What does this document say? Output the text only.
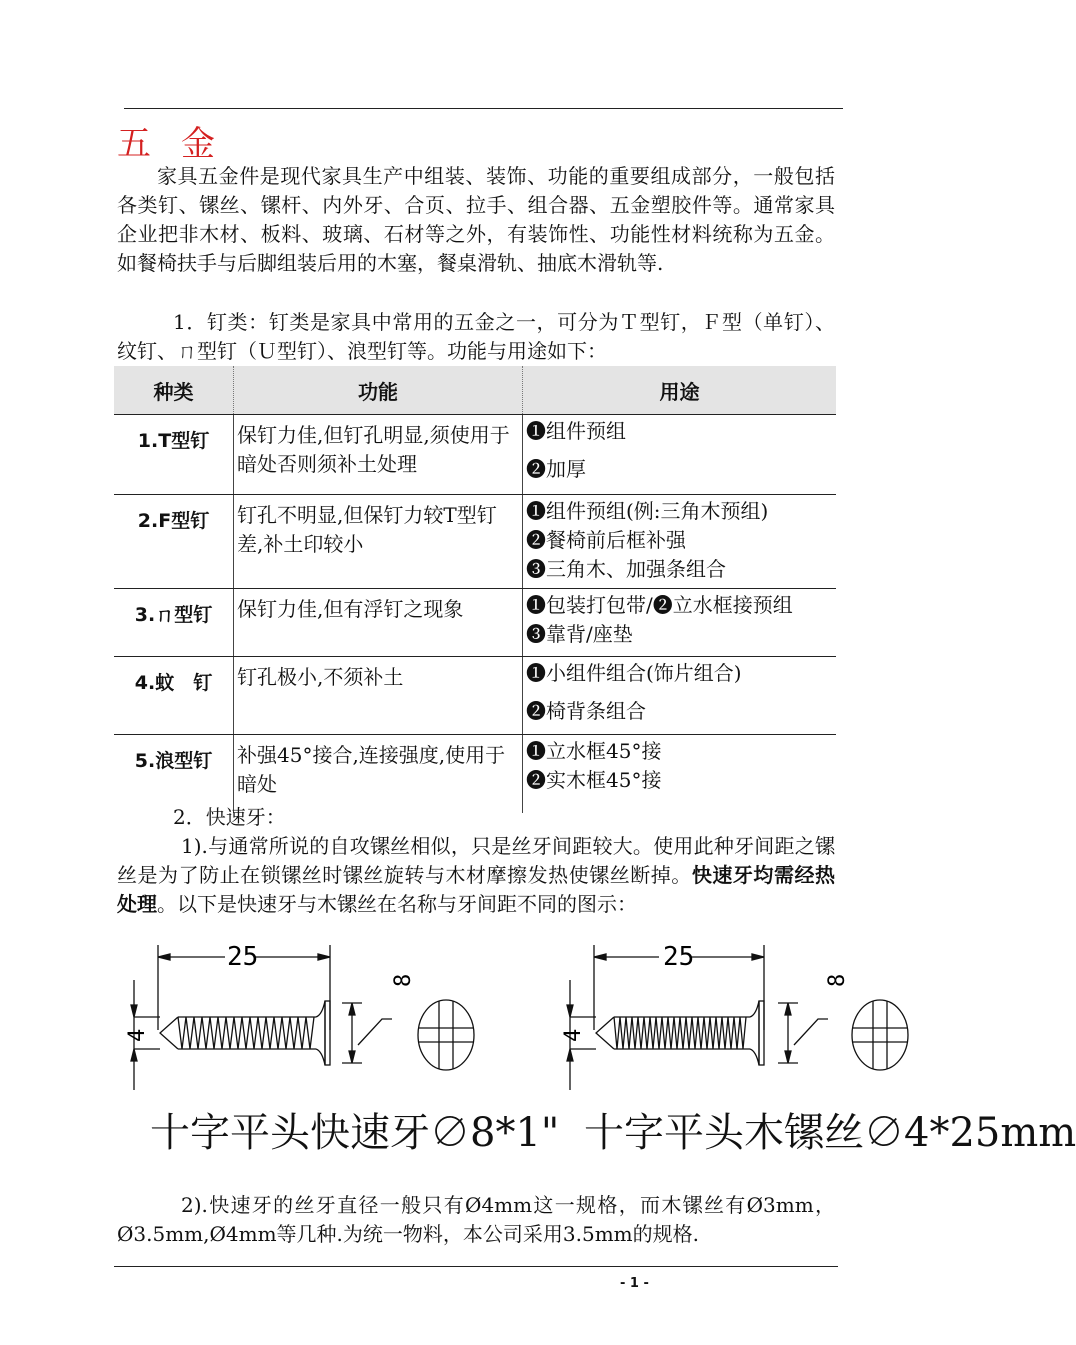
五金

家具五金件是现代家具生产中组装、装饰、功能的重要组成部分，一般包括各类钉、镙丝、镙杆、内外牙、合页、拉手、组合器、五金塑胶件等。通常家具企业把非木材、板料、玻璃、石材等之外，有装饰性、功能性材料统称为五金。如餐椅扶手与后脚组装后用的木塞，餐桌滑轨、抽底木滑轨等.

1．钉类：钉类是家具中常用的五金之一，可分为Ｔ型钉，Ｆ型（单钉）、纹钉、ㄇ型钉（Ｕ型钉）、浪型钉等。功能与用途如下：

种类	功能	用途
1.T型钉	保钉力佳,但钉孔明显,须使用于暗处否则须补土处理	❶组件预组
❷加厚

2.F型钉	钉孔不明显,但保钉力较T型钉差,补土印较小	❶组件预组(例:三角木预组)
❷餐椅前后框补强
❸三角木、加强条组合

3.ㄇ型钉	保钉力佳,但有浮钉之现象	❶包装打包带/❷立水框接预组
❸靠背/座垫

4.蚊　钉	钉孔极小,不须补土	❶小组件组合(饰片组合)
❷椅背条组合

5.浪型钉	补强45°接合,连接强度,使用于暗处	❶立水框45°接
❷实木框45°接

2．快速牙：

1).与通常所说的自攻镙丝相似，只是丝牙间距较大。使用此种牙间距之镙丝是为了防止在锁镙丝时镙丝旋转与木材摩擦发热使镙丝断掉。快速牙均需经热处理。以下是快速牙与木镙丝在名称与牙间距不同的图示：

25
4
8
十字平头快速牙∅8*1"
25
4
8
十字平头木镙丝∅4*25mm

2).快速牙的丝牙直径一般只有Ø4mm这一规格，而木镙丝有Ø3mm，Ø3.5mm,Ø4mm等几种.为统一物料，本公司采用3.5mm的规格.

- 1 -
